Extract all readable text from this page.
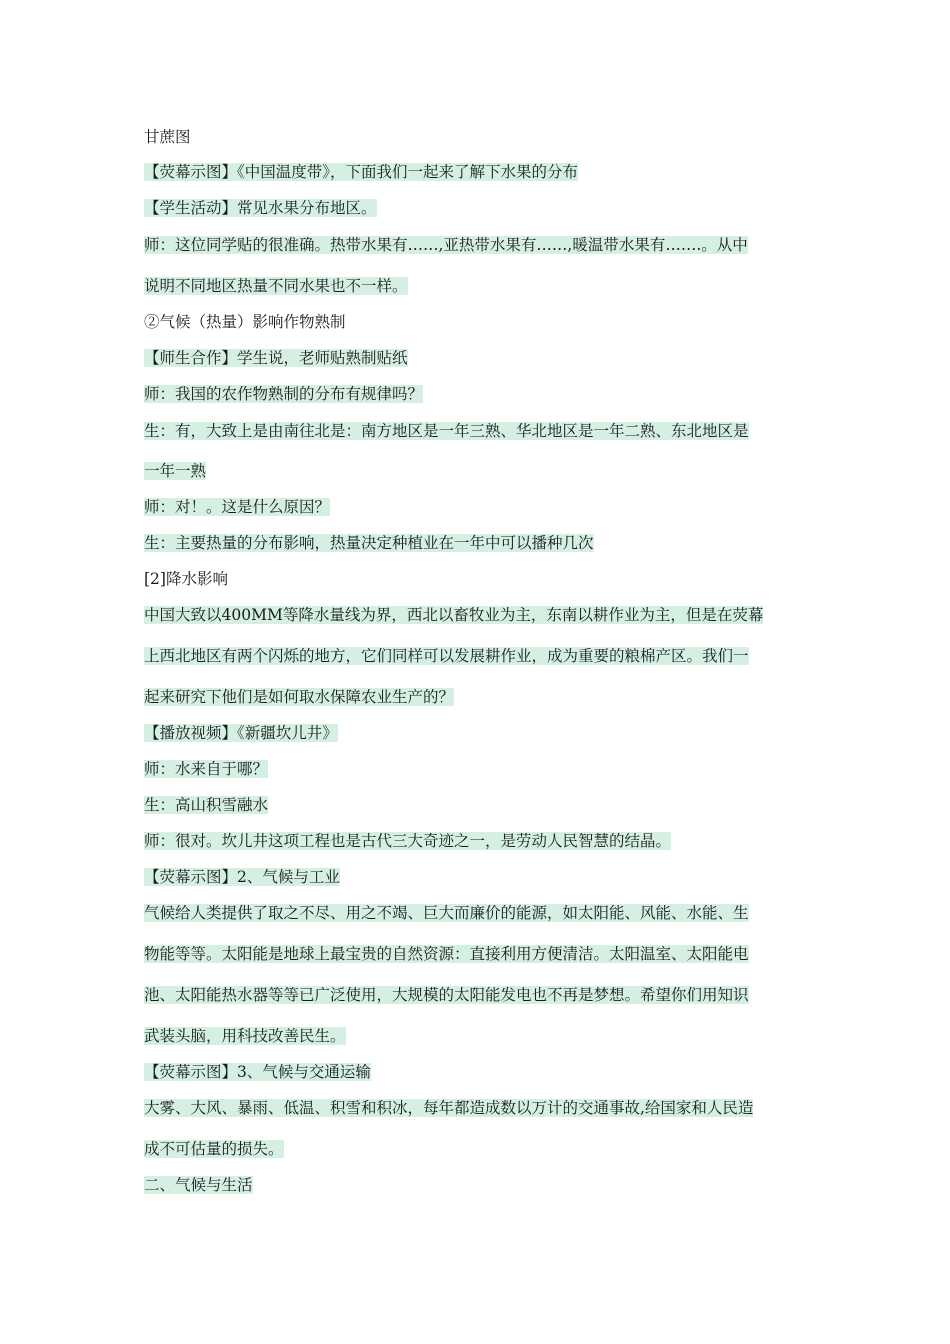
甘蔗图
【荧幕示图】《中国温度带》，下面我们一起来了解下水果的分布
【学生活动】常见水果分布地区。
师：这位同学贴的很准确。热带水果有……,亚热带水果有……,暖温带水果有…….。从中
说明不同地区热量不同水果也不一样。
②气候（热量）影响作物熟制
【师生合作】学生说，老师贴熟制贴纸
师：我国的农作物熟制的分布有规律吗？
生：有，大致上是由南往北是：南方地区是一年三熟、华北地区是一年二熟、东北地区是
一年一熟
师：对！。这是什么原因？
生：主要热量的分布影响，热量决定种植业在一年中可以播种几次
[2]降水影响
中国大致以400MM等降水量线为界，西北以畜牧业为主，东南以耕作业为主，但是在荧幕
上西北地区有两个闪烁的地方，它们同样可以发展耕作业，成为重要的粮棉产区。我们一
起来研究下他们是如何取水保障农业生产的？
【播放视频】《新疆坎儿井》
师：水来自于哪？
生：高山积雪融水
师：很对。坎儿井这项工程也是古代三大奇迹之一，是劳动人民智慧的结晶。
【荧幕示图】2、气候与工业
气候给人类提供了取之不尽、用之不竭、巨大而廉价的能源，如太阳能、风能、水能、生
物能等等。太阳能是地球上最宝贵的自然资源：直接利用方便清洁。太阳温室、太阳能电
池、太阳能热水器等等已广泛使用，大规模的太阳能发电也不再是梦想。希望你们用知识
武装头脑，用科技改善民生。
【荧幕示图】3、气候与交通运输
大雾、大风、暴雨、低温、积雪和积冰，每年都造成数以万计的交通事故,给国家和人民造
成不可估量的损失。
二、气候与生活
